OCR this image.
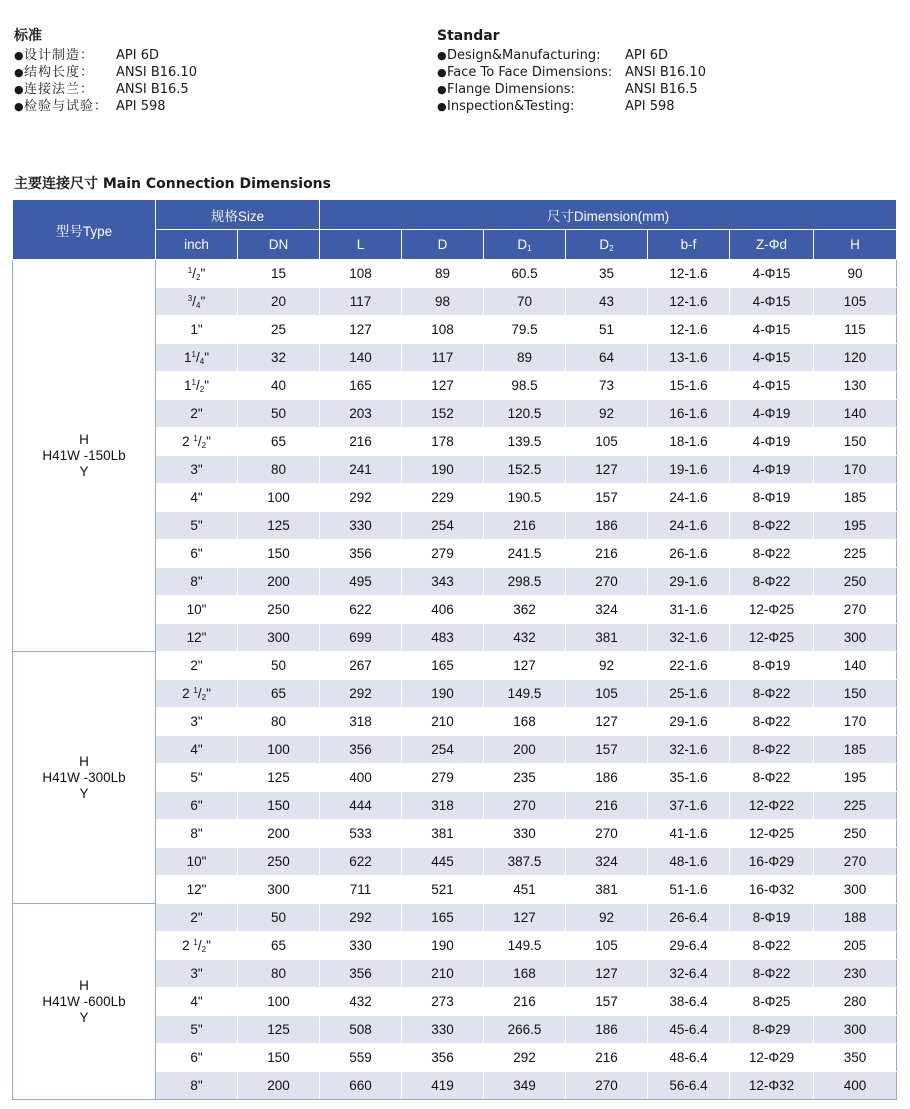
标准
● 设计制造：	API 6D
● 结构长度：	ANSI B16.10
● 连接法兰：	ANSI B16.5
● 检验与试验： API 598
Standar
● Design&Manufacturing:	API 6D
● Face To Face Dimensions: ANSI B16.10
● Flange Dimensions:	ANSI B16.5
● Inspection&Testing:	API 598
主要连接尺寸 Main Connection Dimensions
型号Type	规格Size		尺寸Dimension(mm)						
	inch	DN	L	D	$D_1$	$D_2$	b-f	Z-Φd	H

H
H41W -150Lb
Y	$^1/_2$"	15	108	89	60.5	35	12-1.6	4-Φ15	90
	$^3/_4$"	20	117	98	70	43	12-1.6	4-Φ15	105
	1"	25	127	108	79.5	51	12-1.6	4-Φ15	115
	$1^1/_4$"	32	140	117	89	64	13-1.6	4-Φ15	120
	$1^1/_2$"	40	165	127	98.5	73	15-1.6	4-Φ15	130
	2"	50	203	152	120.5	92	16-1.6	4-Φ19	140
	2 $^1/_2$"	65	216	178	139.5	105	18-1.6	4-Φ19	150
	3"	80	241	190	152.5	127	19-1.6	4-Φ19	170
	4"	100	292	229	190.5	157	24-1.6	8-Φ19	185
	5"	125	330	254	216	186	24-1.6	8-Φ22	195
	6"	150	356	279	241.5	216	26-1.6	8-Φ22	225
	8"	200	495	343	298.5	270	29-1.6	8-Φ22	250
	10"	250	622	406	362	324	31-1.6	12-Φ25	270
	12"	300	699	483	432	381	32-1.6	12-Φ25	300

H
H41W -300Lb
Y	2"	50	267	165	127	92	22-1.6	8-Φ19	140
	2 $^1/_2$"	65	292	190	149.5	105	25-1.6	8-Φ22	150
	3"	80	318	210	168	127	29-1.6	8-Φ22	170
	4"	100	356	254	200	157	32-1.6	8-Φ22	185
	5"	125	400	279	235	186	35-1.6	8-Φ22	195
	6"	150	444	318	270	216	37-1.6	12-Φ22	225
	8"	200	533	381	330	270	41-1.6	12-Φ25	250
	10"	250	622	445	387.5	324	48-1.6	16-Φ29	270
	12"	300	711	521	451	381	51-1.6	16-Φ32	300

H
H41W -600Lb
Y	2"	50	292	165	127	92	26-6.4	8-Φ19	188
	2 $^1/_2$"	65	330	190	149.5	105	29-6.4	8-Φ22	205
	3"	80	356	210	168	127	32-6.4	8-Φ22	230
	4"	100	432	273	216	157	38-6.4	8-Φ25	280
	5"	125	508	330	266.5	186	45-6.4	8-Φ29	300
	6"	150	559	356	292	216	48-6.4	12-Φ29	350
	8"	200	660	419	349	270	56-6.4	12-Φ32	400
